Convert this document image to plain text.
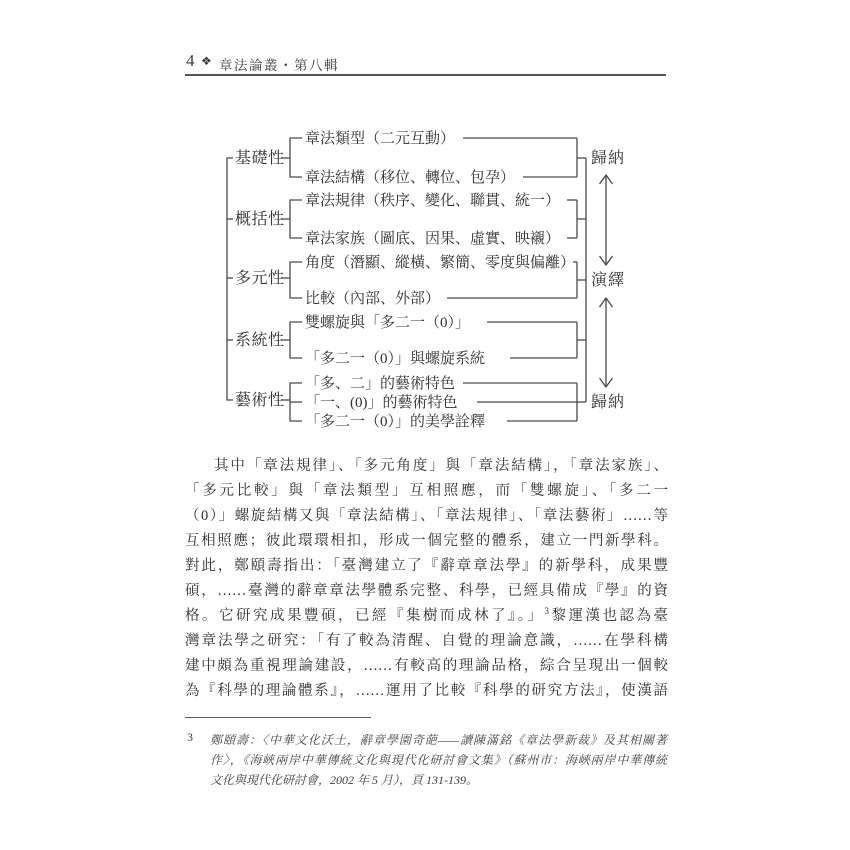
4 ❖ 章法論叢・第八輯
基礎性
概括性
多元性
系統性
藝術性
章法類型（二元互動）
章法結構（移位、轉位、包孕）
章法規律（秩序、變化、聯貫、統一）
章法家族（圖底、因果、虛實、映襯）
角度（潛顯、縱橫、繁簡、零度與偏離）
比較（內部、外部）
雙螺旋與「多二一（0）」
「多二一（0）」與螺旋系統
「多、二」的藝術特色
「一、(0)」的藝術特色
「多二一（0）」的美學詮釋
歸納
演繹
歸納
其中「章法規律」、「多元角度」與「章法結構」，「章法家族」、
「多元比較」與「章法類型」互相照應，而「雙螺旋」、「多二一
（0）」螺旋結構又與「章法結構」、「章法規律」、「章法藝術」……等
互相照應；彼此環環相扣，形成一個完整的體系，建立一門新學科。
對此，鄭頤壽指出：「臺灣建立了『辭章章法學』的新學科，成果豐
碩，……臺灣的辭章章法學體系完整、科學，已經具備成『學』的資
格。它研究成果豐碩，已經『集樹而成林了』。」$^3$黎運漢也認為臺
灣章法學之研究：「有了較為清醒、自覺的理論意識，……在學科構
建中頗為重視理論建設，……有較高的理論品格，綜合呈現出一個較
為『科學的理論體系』，……運用了比較『科學的研究方法』，使漢語
3 鄭頤壽：〈中華文化沃土，辭章學園奇葩——讀陳滿銘《章法學新裁》及其相關著
作〉，《海峽兩岸中華傳統文化與現代化研討會文集》（蘇州市：海峽兩岸中華傳統
文化與現代化研討會，2002 年 5 月），頁 131-139。
